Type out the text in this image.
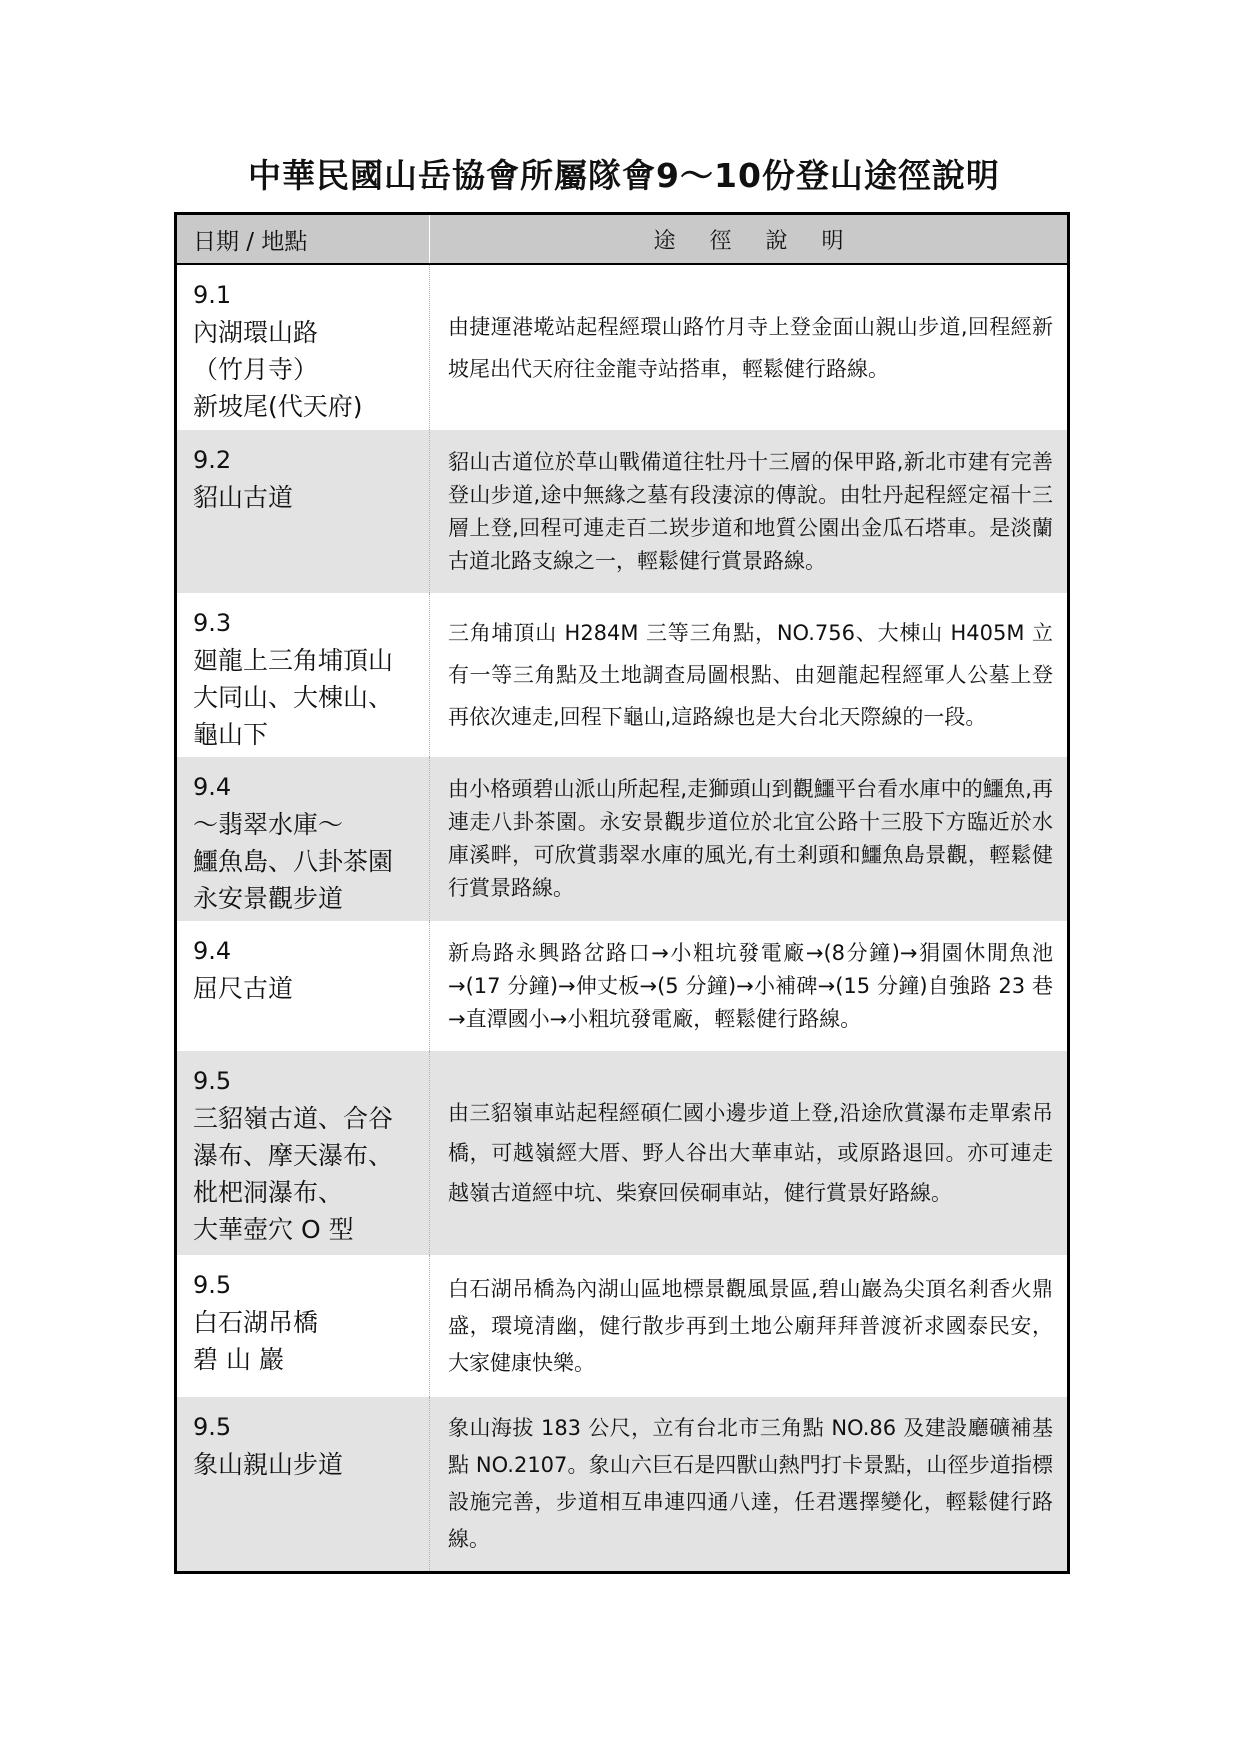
中華民國山岳協會所屬隊會9～10份登山途徑說明
日期 / 地點	途徑說明
9.1
內湖環山路
（竹月寺）
新坡尾(代天府)
由捷運港墘站起程經環山路竹月寺上登金面山親山步道,回程經新坡尾出代天府往金龍寺站搭車，輕鬆健行路線。
9.2
貂山古道
貂山古道位於草山戰備道往牡丹十三層的保甲路,新北市建有完善登山步道,途中無緣之墓有段淒涼的傳說。由牡丹起程經定福十三層上登,回程可連走百二崁步道和地質公園出金瓜石塔車。是淡蘭古道北路支線之一，輕鬆健行賞景路線。
9.3
廻龍上三角埔頂山
大同山、大棟山、
龜山下
三角埔頂山 H284M 三等三角點，NO.756、大棟山 H405M 立有一等三角點及土地調查局圖根點、由廻龍起程經軍人公墓上登再依次連走,回程下龜山,這路線也是大台北天際線的一段。
9.4
～翡翠水庫～
鱷魚島、八卦茶園
永安景觀步道
由小格頭碧山派山所起程,走獅頭山到觀鱷平台看水庫中的鱷魚,再連走八卦茶園。永安景觀步道位於北宜公路十三股下方臨近於水庫溪畔，可欣賞翡翠水庫的風光,有土剎頭和鱷魚島景觀，輕鬆健行賞景路線。
9.4
屈尺古道
新烏路永興路岔路口→小粗坑發電廠→(8分鐘)→狷園休閒魚池→(17 分鐘)→伸丈板→(5 分鐘)→小補碑→(15 分鐘)自強路 23 巷→直潭國小→小粗坑發電廠，輕鬆健行路線。
9.5
三貂嶺古道、合谷
瀑布、摩天瀑布、
枇杷洞瀑布、
大華壺穴 O 型
由三貂嶺車站起程經碩仁國小邊步道上登,沿途欣賞瀑布走單索吊橋，可越嶺經大厝、野人谷出大華車站，或原路退回。亦可連走越嶺古道經中坑、柴寮回侯硐車站，健行賞景好路線。
9.5
白石湖吊橋
碧 山 巖
白石湖吊橋為內湖山區地標景觀風景區,碧山巖為尖頂名剎香火鼎盛，環境清幽，健行散步再到土地公廟拜拜普渡祈求國泰民安，大家健康快樂。
9.5
象山親山步道
象山海拔 183 公尺，立有台北市三角點 NO.86 及建設廳礦補基點 NO.2107。象山六巨石是四獸山熱門打卡景點，山徑步道指標設施完善，步道相互串連四通八達，任君選擇變化，輕鬆健行路線。
